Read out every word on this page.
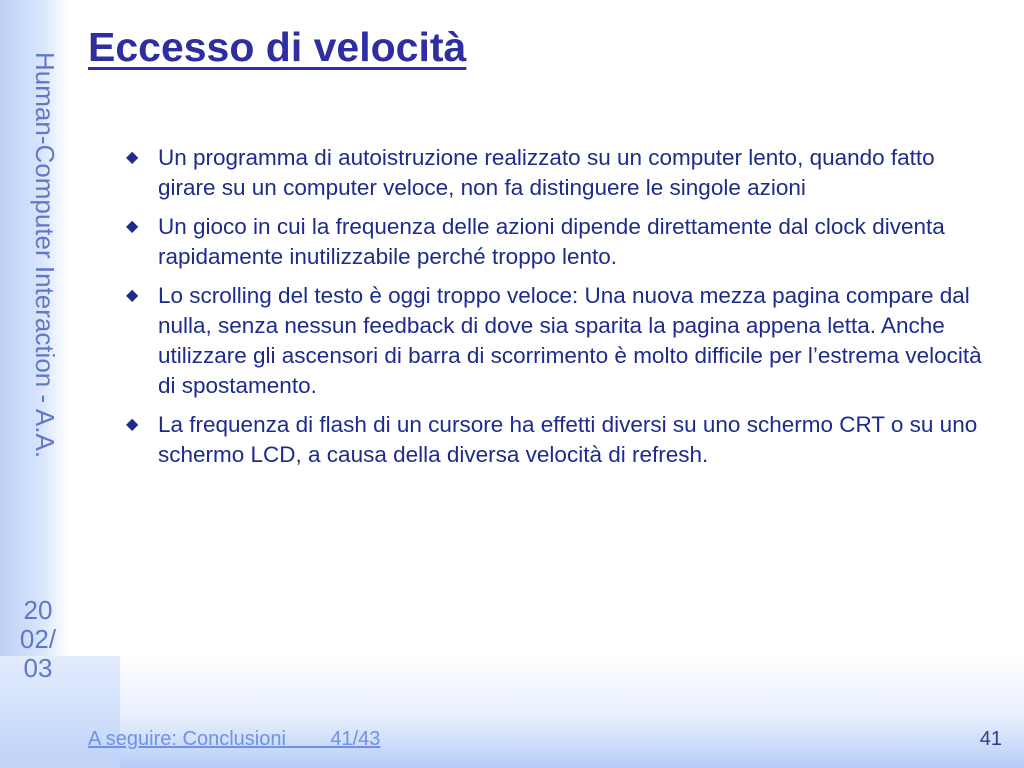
Human-Computer Interaction - A.A.
2002/03
Eccesso di velocità
◆ Un programma di autoistruzione realizzato su un computer lento, quando fatto girare su un computer veloce, non fa distinguere le singole azioni
◆ Un gioco in cui la frequenza delle azioni dipende direttamente dal clock diventa rapidamente inutilizzabile perché troppo lento.
◆ Lo scrolling del testo è oggi troppo veloce: Una nuova mezza pagina compare dal nulla, senza nessun feedback di dove sia sparita la pagina appena letta. Anche utilizzare gli ascensori di barra di scorrimento è molto difficile per l’estrema velocità di spostamento.
◆ La frequenza di flash di un cursore ha effetti diversi su uno schermo CRT o su uno schermo LCD, a causa della diversa velocità di refresh.
A seguire: Conclusioni        41/43	41
